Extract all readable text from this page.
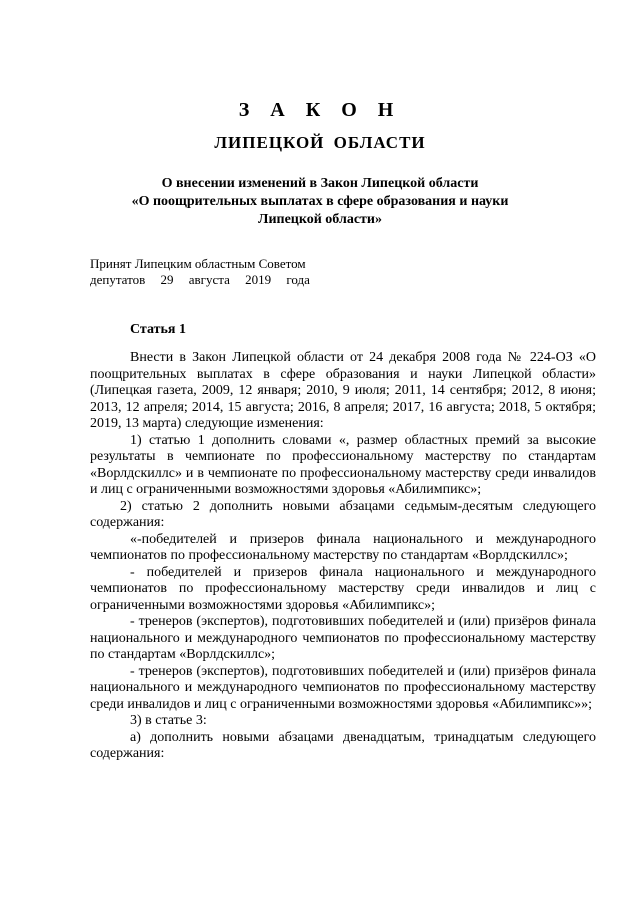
З А К О Н
ЛИПЕЦКОЙ ОБЛАСТИ
О внесении изменений в Закон Липецкой области
«О поощрительных выплатах в сфере образования и науки
Липецкой области»
Принят Липецким областным Советом
депутатов 29 августа 2019 года
Статья 1

Внести в Закон Липецкой области от 24 декабря 2008 года № 224-ОЗ «О поощрительных выплатах в сфере образования и науки Липецкой области» (Липецкая газета, 2009, 12 января; 2010, 9 июля; 2011, 14 сентября; 2012, 8 июня; 2013, 12 апреля; 2014, 15 августа; 2016, 8 апреля; 2017, 16 августа; 2018, 5 октября; 2019, 13 марта) следующие изменения:

1) статью 1 дополнить словами «, размер областных премий за высокие результаты в чемпионате по профессиональному мастерству по стандартам «Ворлдскиллс» и в чемпионате по профессиональному мастерству среди инвалидов и лиц с ограниченными возможностями здоровья «Абилимпикс»;

2) статью 2 дополнить новыми абзацами седьмым-десятым следующего содержания:

«-победителей и призеров финала национального и международного чемпионатов по профессиональному мастерству по стандартам «Ворлдскиллс»;

- победителей и призеров финала национального и международного чемпионатов по профессиональному мастерству среди инвалидов и лиц с ограниченными возможностями здоровья «Абилимпикс»;

- тренеров (экспертов), подготовивших победителей и (или) призёров финала национального и международного чемпионатов по профессиональному мастерству по стандартам «Ворлдскиллс»;

- тренеров (экспертов), подготовивших победителей и (или) призёров финала национального и международного чемпионатов по профессиональному мастерству среди инвалидов и лиц с ограниченными возможностями здоровья «Абилимпикс»»;

3) в статье 3:

а) дополнить новыми абзацами двенадцатым, тринадцатым следующего содержания:
